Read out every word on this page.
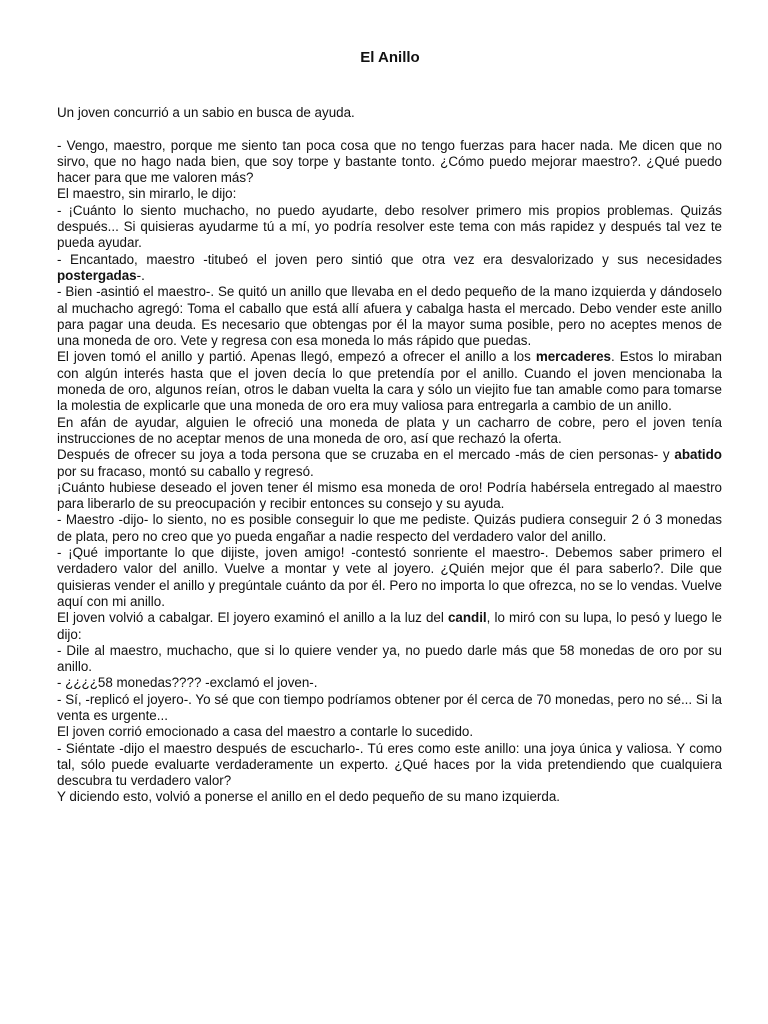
El Anillo

Un joven concurrió a un sabio en busca de ayuda.

- Vengo, maestro, porque me siento tan poca cosa que no tengo fuerzas para hacer nada. Me dicen que no sirvo, que no hago nada bien, que soy torpe y bastante tonto. ¿Cómo puedo mejorar maestro?. ¿Qué puedo hacer para que me valoren más?

El maestro, sin mirarlo, le dijo:

- ¡Cuánto lo siento muchacho, no puedo ayudarte, debo resolver primero mis propios problemas. Quizás después... Si quisieras ayudarme tú a mí, yo podría resolver este tema con más rapidez y después tal vez te pueda ayudar.

- Encantado, maestro -titubeó el joven pero sintió que otra vez era desvalorizado y sus necesidades postergadas-.

- Bien -asintió el maestro-. Se quitó un anillo que llevaba en el dedo pequeño de la mano izquierda y dándoselo al muchacho agregó: Toma el caballo que está allí afuera y cabalga hasta el mercado. Debo vender este anillo para pagar una deuda. Es necesario que obtengas por él la mayor suma posible, pero no aceptes menos de una moneda de oro. Vete y regresa con esa moneda lo más rápido que puedas.

El joven tomó el anillo y partió. Apenas llegó, empezó a ofrecer el anillo a los mercaderes. Estos lo miraban con algún interés hasta que el joven decía lo que pretendía por el anillo. Cuando el joven mencionaba la moneda de oro, algunos reían, otros le daban vuelta la cara y sólo un viejito fue tan amable como para tomarse la molestia de explicarle que una moneda de oro era muy valiosa para entregarla a cambio de un anillo.

En afán de ayudar, alguien le ofreció una moneda de plata y un cacharro de cobre, pero el joven tenía instrucciones de no aceptar menos de una moneda de oro, así que rechazó la oferta.

Después de ofrecer su joya a toda persona que se cruzaba en el mercado -más de cien personas- y abatido por su fracaso, montó su caballo y regresó.

¡Cuánto hubiese deseado el joven tener él mismo esa moneda de oro! Podría habérsela entregado al maestro para liberarlo de su preocupación y recibir entonces su consejo y su ayuda.

- Maestro -dijo- lo siento, no es posible conseguir lo que me pediste. Quizás pudiera conseguir 2 ó 3 monedas de plata, pero no creo que yo pueda engañar a nadie respecto del verdadero valor del anillo.

- ¡Qué importante lo que dijiste, joven amigo! -contestó sonriente el maestro-. Debemos saber primero el verdadero valor del anillo. Vuelve a montar y vete al joyero. ¿Quién mejor que él para saberlo?. Dile que quisieras vender el anillo y pregúntale cuánto da por él. Pero no importa lo que ofrezca, no se lo vendas. Vuelve aquí con mi anillo.

El joven volvió a cabalgar. El joyero examinó el anillo a la luz del candil, lo miró con su lupa, lo pesó y luego le dijo:

- Dile al maestro, muchacho, que si lo quiere vender ya, no puedo darle más que 58 monedas de oro por su anillo.

- ¿¿¿¿58 monedas???? -exclamó el joven-.

- Sí, -replicó el joyero-. Yo sé que con tiempo podríamos obtener por él cerca de 70 monedas, pero no sé... Si la venta es urgente...

El joven corrió emocionado a casa del maestro a contarle lo sucedido.

- Siéntate -dijo el maestro después de escucharlo-. Tú eres como este anillo: una joya única y valiosa. Y como tal, sólo puede evaluarte verdaderamente un experto. ¿Qué haces por la vida pretendiendo que cualquiera descubra tu verdadero valor?

Y diciendo esto, volvió a ponerse el anillo en el dedo pequeño de su mano izquierda.
